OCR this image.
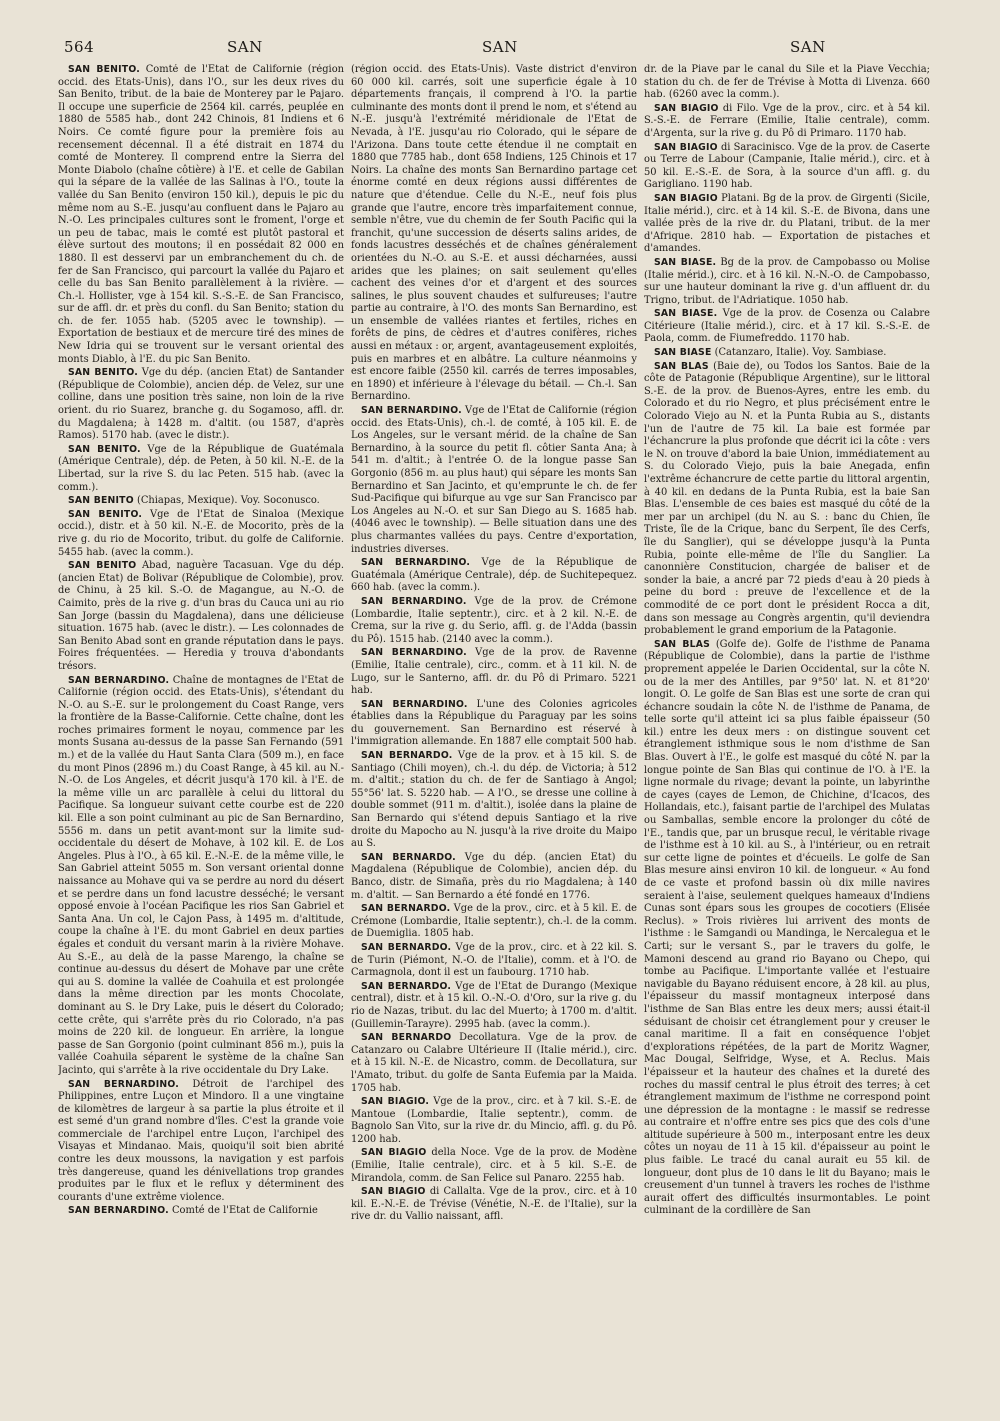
564	SAN	SAN	SAN

SAN BENITO. Comté de l'Etat de Californie (région occid. des Etats-Unis), dans l'O., sur les deux rives du San Benito, tribut. de la baie de Monterey par le Pajaro. Il occupe une superficie de 2564 kil. carrés, peuplée en 1880 de 5585 hab., dont 242 Chinois, 81 Indiens et 6 Noirs. Ce comté figure pour la première fois au recensement décennal. Il a été distrait en 1874 du comté de Monterey. Il comprend entre la Sierra del Monte Diabolo (chaîne côtière) à l'E. et celle de Gabilan qui la sépare de la vallée de las Salinas à l'O., toute la vallée du San Benito (environ 150 kil.), depuis le pic du même nom au S.-E. jusqu'au confluent dans le Pajaro au N.-O. Les principales cultures sont le froment, l'orge et un peu de tabac, mais le comté est plutôt pastoral et élève surtout des moutons; il en possédait 82 000 en 1880. Il est desservi par un embranchement du ch. de fer de San Francisco, qui parcourt la vallée du Pajaro et celle du bas San Benito parallèlement à la rivière. — Ch.-l. Hollister, vge à 154 kil. S.-S.-E. de San Francisco, sur de affl. dr. et près du confl. du San Benito; station du ch. de fer. 1055 hab. (5205 avec le township). — Exportation de bestiaux et de mercure tiré des mines de New Idria qui se trouvent sur le versant oriental des monts Diablo, à l'E. du pic San Benito.

SAN BENITO. Vge du dép. (ancien Etat) de Santander (République de Colombie), ancien dép. de Velez, sur une colline, dans une position très saine, non loin de la rive orient. du rio Suarez, branche g. du Sogamoso, affl. dr. du Magdalena; à 1428 m. d'altit. (ou 1587, d'après Ramos). 5170 hab. (avec le distr.).

SAN BENITO. Vge de la République de Guatémala (Amérique Centrale), dép. de Peten, à 50 kil. N.-E. de la Libertad, sur la rive S. du lac Peten. 515 hab. (avec la comm.).

SAN BENITO (Chiapas, Mexique). Voy. Soconusco.

SAN BENITO. Vge de l'Etat de Sinaloa (Mexique occid.), distr. et à 50 kil. N.-E. de Mocorito, près de la rive g. du rio de Mocorito, tribut. du golfe de Californie. 5455 hab. (avec la comm.).

SAN BENITO Abad, naguère Tacasuan. Vge du dép. (ancien Etat) de Bolivar (République de Colombie), prov. de Chinu, à 25 kil. S.-O. de Magangue, au N.-O. de Caimito, près de la rive g. d'un bras du Cauca uni au rio San Jorge (bassin du Magdalena), dans une délicieuse situation. 1675 hab. (avec le distr.). — Les colonnades de San Benito Abad sont en grande réputation dans le pays. Foires fréquentées. — Heredia y trouva d'abondants trésors.

SAN BERNARDINO. Chaîne de montagnes de l'Etat de Californie (région occid. des Etats-Unis), s'étendant du N.-O. au S.-E. sur le prolongement du Coast Range, vers la frontière de la Basse-Californie. Cette chaîne, dont les roches primaires forment le noyau, commence par les monts Susana au-dessus de la passe San Fernando (591 m.) et de la vallée du Haut Santa Clara (509 m.), en face du mont Pinos (2896 m.) du Coast Range, à 45 kil. au N.-N.-O. de Los Angeles, et décrit jusqu'à 170 kil. à l'E. de la même ville un arc parallèle à celui du littoral du Pacifique. Sa longueur suivant cette courbe est de 220 kil. Elle a son point culminant au pic de San Bernardino, 5556 m. dans un petit avant-mont sur la limite sud-occidentale du désert de Mohave, à 102 kil. E. de Los Angeles. Plus à l'O., à 65 kil. E.-N.-E. de la même ville, le San Gabriel atteint 5055 m. Son versant oriental donne naissance au Mohave qui va se perdre au nord du désert et se perdre dans un fond lacustre desséché; le versant opposé envoie à l'océan Pacifique les rios San Gabriel et Santa Ana. Un col, le Cajon Pass, à 1495 m. d'altitude, coupe la chaîne à l'E. du mont Gabriel en deux parties égales et conduit du versant marin à la rivière Mohave. Au S.-E., au delà de la passe Marengo, la chaîne se continue au-dessus du désert de Mohave par une crête qui au S. domine la vallée de Coahuila et est prolongée dans la même direction par les monts Chocolate, dominant au S. le Dry Lake, puis le désert du Colorado; cette crête, qui s'arrête près du rio Colorado, n'a pas moins de 220 kil. de longueur. En arrière, la longue passe de San Gorgonio (point culminant 856 m.), puis la vallée Coahuila séparent le système de la chaîne San Jacinto, qui s'arrête à la rive occidentale du Dry Lake.

SAN BERNARDINO. Détroit de l'archipel des Philippines, entre Luçon et Mindoro. Il a une vingtaine de kilomètres de largeur à sa partie la plus étroite et il est semé d'un grand nombre d'îles. C'est la grande voie commerciale de l'archipel entre Luçon, l'archipel des Visayas et Mindanao. Mais, quoiqu'il soit bien abrité contre les deux moussons, la navigation y est parfois très dangereuse, quand les dénivellations trop grandes produites par le flux et le reflux y déterminent des courants d'une extrême violence.

SAN BERNARDINO. Comté de l'Etat de Californie

(région occid. des Etats-Unis). Vaste district d'environ 60 000 kil. carrés, soit une superficie égale à 10 départements français, il comprend à l'O. la partie culminante des monts dont il prend le nom, et s'étend au N.-E. jusqu'à l'extrémité méridionale de l'Etat de Nevada, à l'E. jusqu'au rio Colorado, qui le sépare de l'Arizona. Dans toute cette étendue il ne comptait en 1880 que 7785 hab., dont 658 Indiens, 125 Chinois et 17 Noirs. La chaîne des monts San Bernardino partage cet énorme comté en deux régions aussi différentes de nature que d'étendue. Celle du N.-E., neuf fois plus grande que l'autre, encore très imparfaitement connue, semble n'être, vue du chemin de fer South Pacific qui la franchit, qu'une succession de déserts salins arides, de fonds lacustres desséchés et de chaînes généralement orientées du N.-O. au S.-E. et aussi décharnées, aussi arides que les plaines; on sait seulement qu'elles cachent des veines d'or et d'argent et des sources salines, le plus souvent chaudes et sulfureuses; l'autre partie au contraire, à l'O. des monts San Bernardino, est un ensemble de vallées riantes et fertiles, riches en forêts de pins, de cèdres et d'autres conifères, riches aussi en métaux : or, argent, avantageusement exploités, puis en marbres et en albâtre. La culture néanmoins y est encore faible (2550 kil. carrés de terres imposables, en 1890) et inférieure à l'élevage du bétail. — Ch.-l. San Bernardino.

SAN BERNARDINO. Vge de l'Etat de Californie (région occid. des Etats-Unis), ch.-l. de comté, à 105 kil. E. de Los Angeles, sur le versant mérid. de la chaîne de San Bernardino, à la source du petit fl. côtier Santa Ana; à 541 m. d'altit.; à l'entrée O. de la longue passe San Gorgonio (856 m. au plus haut) qui sépare les monts San Bernardino et San Jacinto, et qu'emprunte le ch. de fer Sud-Pacifique qui bifurque au vge sur San Francisco par Los Angeles au N.-O. et sur San Diego au S. 1685 hab. (4046 avec le township). — Belle situation dans une des plus charmantes vallées du pays. Centre d'exportation, industries diverses.

SAN BERNARDINO. Vge de la République de Guatémala (Amérique Centrale), dép. de Suchitepequez. 660 hab. (avec la comm.).

SAN BERNARDINO. Vge de la prov. de Crémone (Lombardie, Italie septentr.), circ. et à 2 kil. N.-E. de Crema, sur la rive g. du Serio, affl. g. de l'Adda (bassin du Pô). 1515 hab. (2140 avec la comm.).

SAN BERNARDINO. Vge de la prov. de Ravenne (Emilie, Italie centrale), circ., comm. et à 11 kil. N. de Lugo, sur le Santerno, affl. dr. du Pô di Primaro. 5221 hab.

SAN BERNARDINO. L'une des Colonies agricoles établies dans la République du Paraguay par les soins du gouvernement. San Bernardino est réservé à l'immigration allemande. En 1887 elle comptait 500 hab.

SAN BERNARDO. Vge de la prov. et à 15 kil. S. de Santiago (Chili moyen), ch.-l. du dép. de Victoria; à 512 m. d'altit.; station du ch. de fer de Santiago à Angol; 55°56' lat. S. 5220 hab. — A l'O., se dresse une colline à double sommet (911 m. d'altit.), isolée dans la plaine de San Bernardo qui s'étend depuis Santiago et la rive droite du Mapocho au N. jusqu'à la rive droite du Maipo au S.

SAN BERNARDO. Vge du dép. (ancien Etat) du Magdalena (République de Colombie), ancien dép. du Banco, distr. de Simaña, près du rio Magdalena; à 140 m. d'altit. — San Bernardo a été fondé en 1776.

SAN BERNARDO. Vge de la prov., circ. et à 5 kil. E. de Crémone (Lombardie, Italie septentr.), ch.-l. de la comm. de Duemiglia. 1805 hab.

SAN BERNARDO. Vge de la prov., circ. et à 22 kil. S. de Turin (Piémont, N.-O. de l'Italie), comm. et à l'O. de Carmagnola, dont il est un faubourg. 1710 hab.

SAN BERNARDO. Vge de l'Etat de Durango (Mexique central), distr. et à 15 kil. O.-N.-O. d'Oro, sur la rive g. du rio de Nazas, tribut. du lac del Muerto; à 1700 m. d'altit. (Guillemin-Tarayre). 2995 hab. (avec la comm.).

SAN BERNARDO Decollatura. Vge de la prov. de Catanzaro ou Calabre Ultérieure II (Italie mérid.), circ. et à 15 kil. N.-E. de Nicastro, comm. de Decollatura, sur l'Amato, tribut. du golfe de Santa Eufemia par la Maida. 1705 hab.

SAN BIAGIO. Vge de la prov., circ. et à 7 kil. S.-E. de Mantoue (Lombardie, Italie septentr.), comm. de Bagnolo San Vito, sur la rive dr. du Mincio, affl. g. du Pô. 1200 hab.

SAN BIAGIO della Noce. Vge de la prov. de Modène (Emilie, Italie centrale), circ. et à 5 kil. S.-E. de Mirandola, comm. de San Felice sul Panaro. 2255 hab.

SAN BIAGIO di Callalta. Vge de la prov., circ. et à 10 kil. E.-N.-E. de Trévise (Vénétie, N.-E. de l'Italie), sur la rive dr. du Vallio naissant, affl.

dr. de la Piave par le canal du Sile et la Piave Vecchia; station du ch. de fer de Trévise à Motta di Livenza. 660 hab. (6260 avec la comm.).

SAN BIAGIO di Filo. Vge de la prov., circ. et à 54 kil. S.-S.-E. de Ferrare (Emilie, Italie centrale), comm. d'Argenta, sur la rive g. du Pô di Primaro. 1170 hab.

SAN BIAGIO di Saracinisco. Vge de la prov. de Caserte ou Terre de Labour (Campanie, Italie mérid.), circ. et à 50 kil. E.-S.-E. de Sora, à la source d'un affl. g. du Garigliano. 1190 hab.

SAN BIAGIO Platani. Bg de la prov. de Girgenti (Sicile, Italie mérid.), circ. et à 14 kil. S.-E. de Bivona, dans une vallée près de la rive dr. du Platani, tribut. de la mer d'Afrique. 2810 hab. — Exportation de pistaches et d'amandes.

SAN BIASE. Bg de la prov. de Campobasso ou Molise (Italie mérid.), circ. et à 16 kil. N.-N.-O. de Campobasso, sur une hauteur dominant la rive g. d'un affluent dr. du Trigno, tribut. de l'Adriatique. 1050 hab.

SAN BIASE. Vge de la prov. de Cosenza ou Calabre Citérieure (Italie mérid.), circ. et à 17 kil. S.-S.-E. de Paola, comm. de Fiumefreddo. 1170 hab.

SAN BIASE (Catanzaro, Italie). Voy. Sambiase.

SAN BLAS (Baie de), ou Todos los Santos. Baie de la côte de Patagonie (République Argentine), sur le littoral S.-E. de la prov. de Buenos-Ayres, entre les emb. du Colorado et du rio Negro, et plus précisément entre le Colorado Viejo au N. et la Punta Rubia au S., distants l'un de l'autre de 75 kil. La baie est formée par l'échancrure la plus profonde que décrit ici la côte : vers le N. on trouve d'abord la baie Union, immédiatement au S. du Colorado Viejo, puis la baie Anegada, enfin l'extrême échancrure de cette partie du littoral argentin, à 40 kil. en dedans de la Punta Rubia, est la baie San Blas. L'ensemble de ces baies est masqué du côté de la mer par un archipel (du N. au S. : banc du Chien, île Triste, île de la Crique, banc du Serpent, île des Cerfs, île du Sanglier), qui se développe jusqu'à la Punta Rubia, pointe elle-même de l'île du Sanglier. La canonnière Constitucion, chargée de baliser et de sonder la baie, a ancré par 72 pieds d'eau à 20 pieds à peine du bord : preuve de l'excellence et de la commodité de ce port dont le président Rocca a dit, dans son message au Congrès argentin, qu'il deviendra probablement le grand emporium de la Patagonie.

SAN BLAS (Golfe de). Golfe de l'isthme de Panama (République de Colombie), dans la partie de l'isthme proprement appelée le Darien Occidental, sur la côte N. ou de la mer des Antilles, par 9°50' lat. N. et 81°20' longit. O. Le golfe de San Blas est une sorte de cran qui échancre soudain la côte N. de l'isthme de Panama, de telle sorte qu'il atteint ici sa plus faible épaisseur (50 kil.) entre les deux mers : on distingue souvent cet étranglement isthmique sous le nom d'isthme de San Blas. Ouvert à l'E., le golfe est masqué du côté N. par la longue pointe de San Blas qui continue de l'O. à l'E. la ligne normale du rivage; devant la pointe, un labyrinthe de cayes (cayes de Lemon, de Chichine, d'Icacos, des Hollandais, etc.), faisant partie de l'archipel des Mulatas ou Samballas, semble encore la prolonger du côté de l'E., tandis que, par un brusque recul, le véritable rivage de l'isthme est à 10 kil. au S., à l'intérieur, ou en retrait sur cette ligne de pointes et d'écueils. Le golfe de San Blas mesure ainsi environ 10 kil. de longueur. « Au fond de ce vaste et profond bassin où dix mille navires seraient à l'aise, seulement quelques hameaux d'Indiens Cunas sont épars sous les groupes de cocotiers (Elisée Reclus). » Trois rivières lui arrivent des monts de l'isthme : le Samgandi ou Mandinga, le Nercalegua et le Carti; sur le versant S., par le travers du golfe, le Mamoni descend au grand rio Bayano ou Chepo, qui tombe au Pacifique. L'importante vallée et l'estuaire navigable du Bayano réduisent encore, à 28 kil. au plus, l'épaisseur du massif montagneux interposé dans l'isthme de San Blas entre les deux mers; aussi était-il séduisant de choisir cet étranglement pour y creuser le canal maritime. Il a fait en conséquence l'objet d'explorations répétées, de la part de Moritz Wagner, Mac Dougal, Selfridge, Wyse, et A. Reclus. Mais l'épaisseur et la hauteur des chaînes et la dureté des roches du massif central le plus étroit des terres; à cet étranglement maximum de l'isthme ne correspond point une dépression de la montagne : le massif se redresse au contraire et n'offre entre ses pics que des cols d'une altitude supérieure à 500 m., interposant entre les deux côtes un noyau de 11 à 15 kil. d'épaisseur au point le plus faible. Le tracé du canal aurait eu 55 kil. de longueur, dont plus de 10 dans le lit du Bayano; mais le creusement d'un tunnel à travers les roches de l'isthme aurait offert des difficultés insurmontables. Le point culminant de la cordillère de San
